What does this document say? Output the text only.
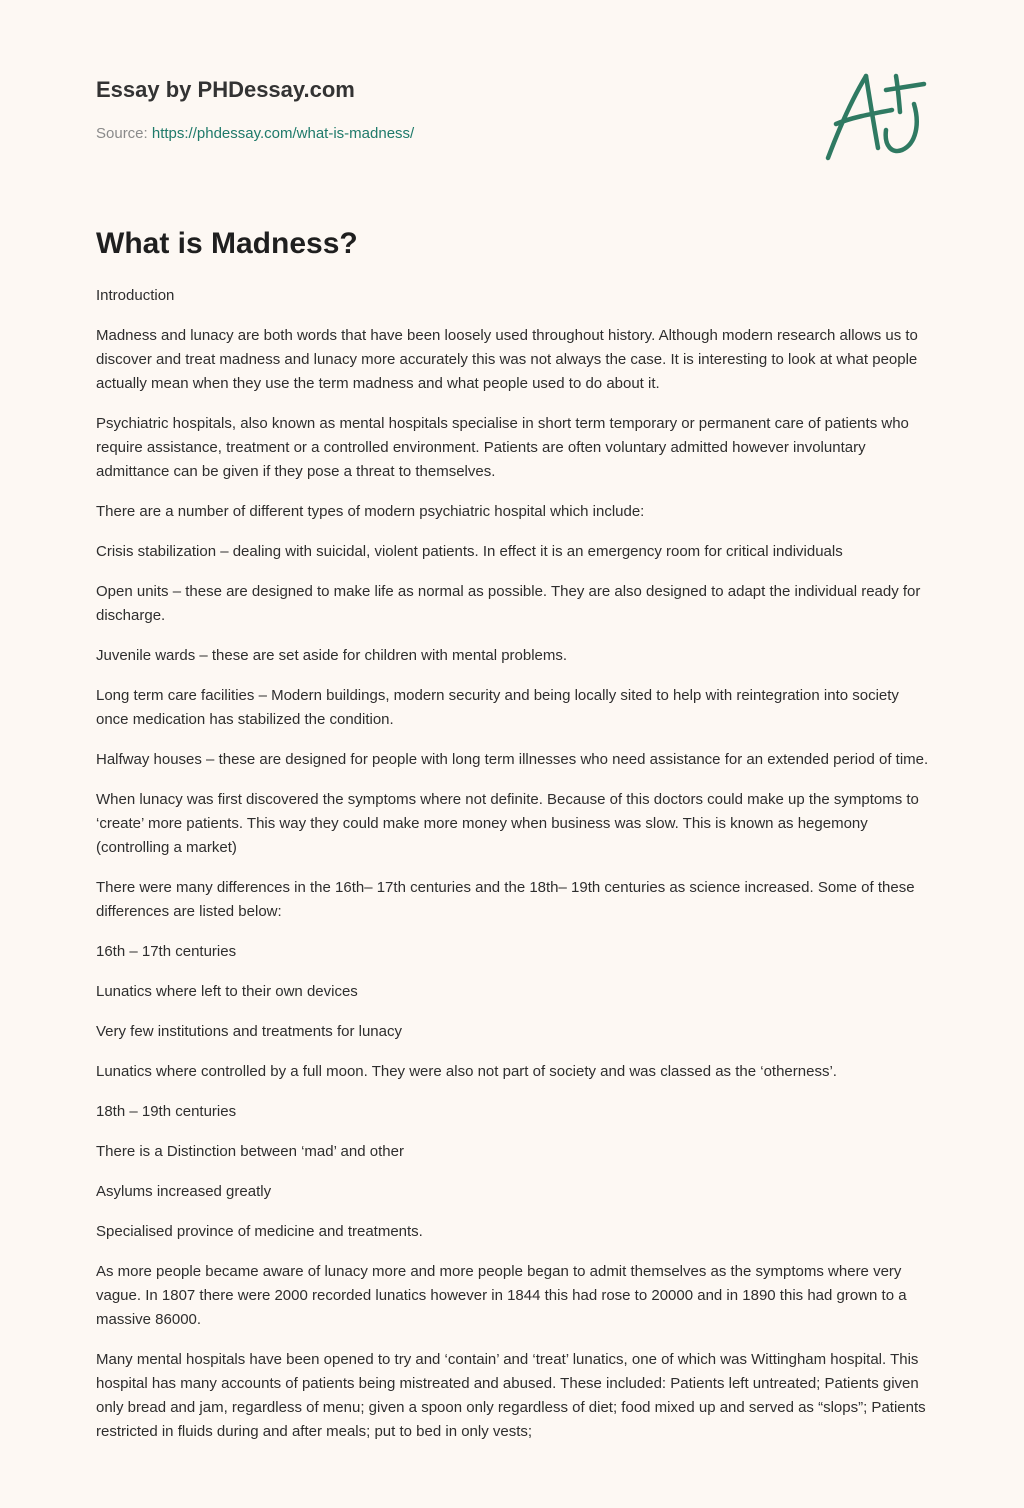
Essay by PHDessay.com
Source: https://phdessay.com/what-is-madness/
What is Madness?

Introduction

Madness and lunacy are both words that have been loosely used throughout history. Although modern research allows us to discover and treat madness and lunacy more accurately this was not always the case. It is interesting to look at what people actually mean when they use the term madness and what people used to do about it.

Psychiatric hospitals, also known as mental hospitals specialise in short term temporary or permanent care of patients who require assistance, treatment or a controlled environment. Patients are often voluntary admitted however involuntary admittance can be given if they pose a threat to themselves.

There are a number of different types of modern psychiatric hospital which include:

Crisis stabilization – dealing with suicidal, violent patients. In effect it is an emergency room for critical individuals

Open units – these are designed to make life as normal as possible. They are also designed to adapt the individual ready for discharge.

Juvenile wards – these are set aside for children with mental problems.

Long term care facilities – Modern buildings, modern security and being locally sited to help with reintegration into society once medication has stabilized the condition.

Halfway houses – these are designed for people with long term illnesses who need assistance for an extended period of time.

When lunacy was first discovered the symptoms where not definite. Because of this doctors could make up the symptoms to ‘create’ more patients. This way they could make more money when business was slow. This is known as hegemony (controlling a market)

There were many differences in the 16th– 17th centuries and the 18th– 19th centuries as science increased. Some of these differences are listed below:

16th – 17th centuries

Lunatics where left to their own devices

Very few institutions and treatments for lunacy

Lunatics where controlled by a full moon. They were also not part of society and was classed as the ‘otherness’.

18th – 19th centuries

There is a Distinction between ‘mad’ and other

Asylums increased greatly

Specialised province of medicine and treatments.

As more people became aware of lunacy more and more people began to admit themselves as the symptoms where very vague. In 1807 there were 2000 recorded lunatics however in 1844 this had rose to 20000 and in 1890 this had grown to a massive 86000.

Many mental hospitals have been opened to try and ‘contain’ and ‘treat’ lunatics, one of which was Wittingham hospital. This hospital has many accounts of patients being mistreated and abused. These included: Patients left untreated; Patients given only bread and jam, regardless of menu; given a spoon only regardless of diet; food mixed up and served as “slops”; Patients restricted in fluids during and after meals; put to bed in only vests;
